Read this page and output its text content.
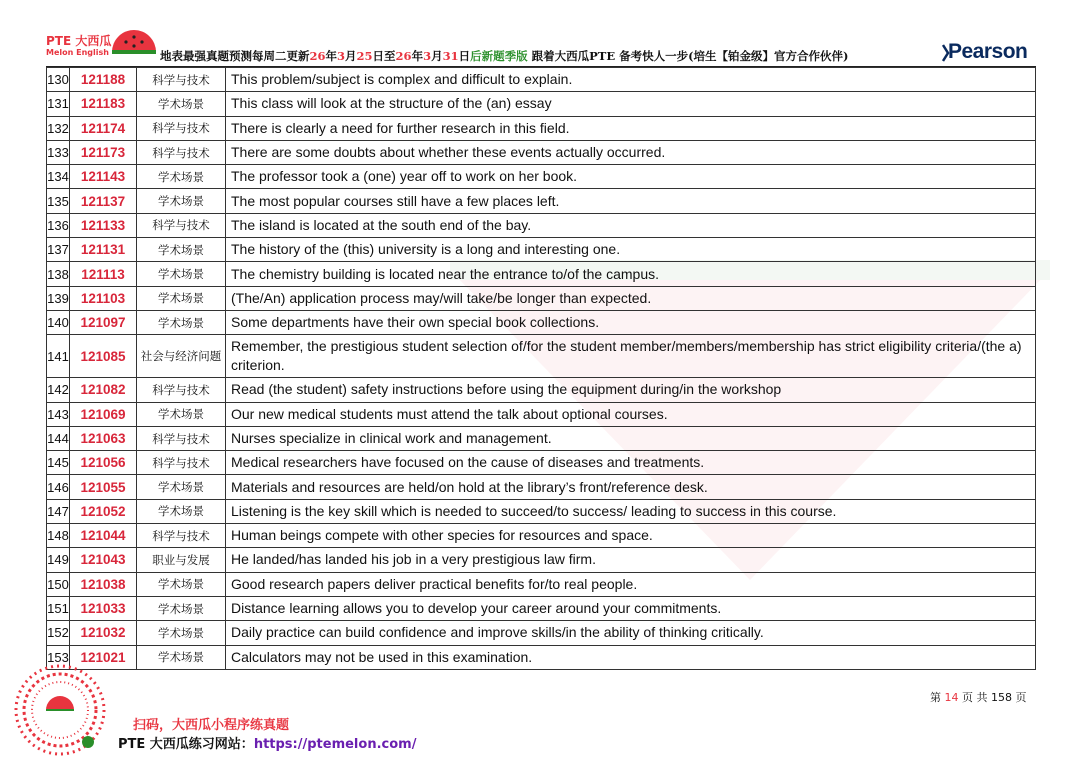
PTE 大西瓜
Melon English	地表最强真题预测每周二更新26年3月25日至26年3月31日后新题季版 跟着大西瓜PTE 备考快人一步(培生【铂金级】官方合作伙伴)	Pearson
130	121188	科学与技术	This problem/subject is complex and difficult to explain.
131	121183	学术场景	This class will look at the structure of the (an) essay
132	121174	科学与技术	There is clearly a need for further research in this field.
133	121173	科学与技术	There are some doubts about whether these events actually occurred.
134	121143	学术场景	The professor took a (one) year off to work on her book.
135	121137	学术场景	The most popular courses still have a few places left.
136	121133	科学与技术	The island is located at the south end of the bay.
137	121131	学术场景	The history of the (this) university is a long and interesting one.
138	121113	学术场景	The chemistry building is located near the entrance to/of the campus.
139	121103	学术场景	(The/An) application process may/will take/be longer than expected.
140	121097	学术场景	Some departments have their own special book collections.
141	121085	社会与经济问题	Remember, the prestigious student selection of/for the student member/members/membership has strict eligibility criteria/(the a) criterion.
142	121082	科学与技术	Read (the student) safety instructions before using the equipment during/in the workshop
143	121069	学术场景	Our new medical students must attend the talk about optional courses.
144	121063	科学与技术	Nurses specialize in clinical work and management.
145	121056	科学与技术	Medical researchers have focused on the cause of diseases and treatments.
146	121055	学术场景	Materials and resources are held/on hold at the library’s front/reference desk.
147	121052	学术场景	Listening is the key skill which is needed to succeed/to success/ leading to success in this course.
148	121044	科学与技术	Human beings compete with other species for resources and space.
149	121043	职业与发展	He landed/has landed his job in a very prestigious law firm.
150	121038	学术场景	Good research papers deliver practical benefits for/to real people.
151	121033	学术场景	Distance learning allows you to develop your career around your commitments.
152	121032	学术场景	Daily practice can build confidence and improve skills/in the ability of thinking critically.
153	121021	学术场景	Calculators may not be used in this examination.
第 14 页 共 158 页
扫码，大西瓜小程序练真题
PTE 大西瓜练习网站：https://ptemelon.com/
